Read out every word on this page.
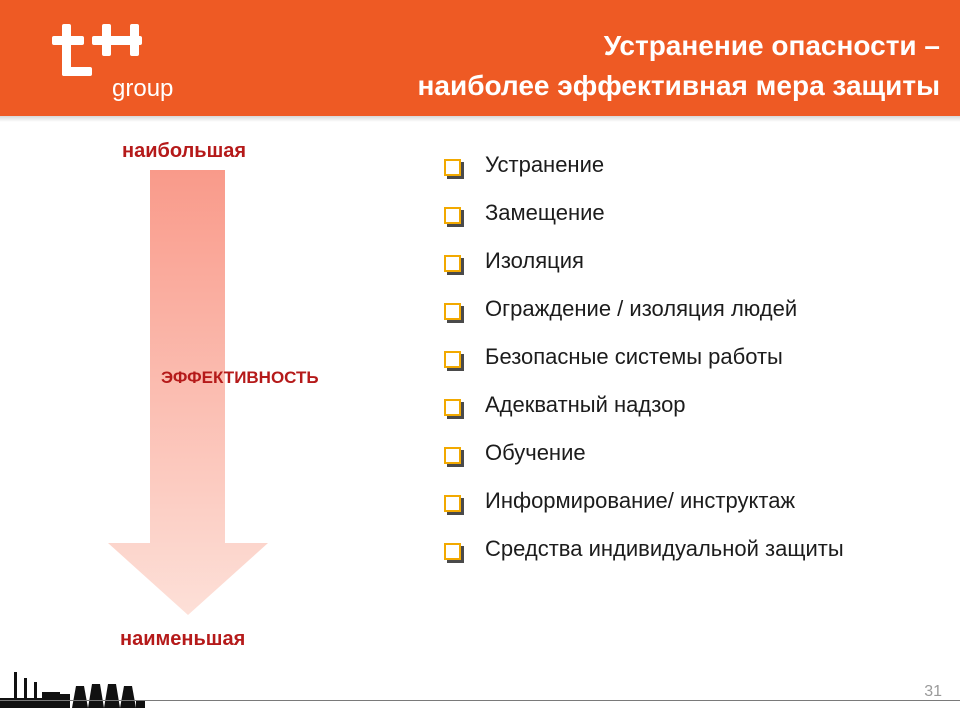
group
Устранение опасности –
наиболее эффективная мера защиты
наибольшая
ЭФФЕКТИВНОСТЬ
наименьшая
Устранение
Замещение
Изоляция
Ограждение / изоляция людей
Безопасные системы работы
Адекватный надзор
Обучение
Информирование/ инструктаж
Средства индивидуальной защиты
31
